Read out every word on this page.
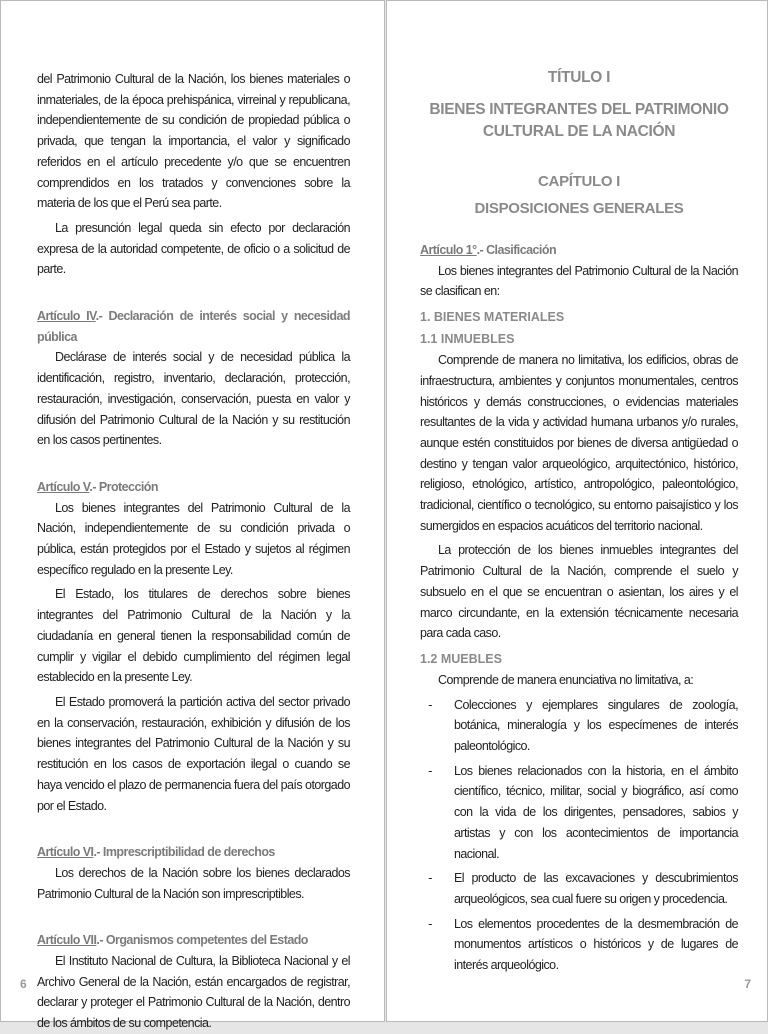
del Patrimonio Cultural de la Nación, los bienes materiales o inmateriales, de la época prehispánica, virreinal y republicana, independientemente de su condición de propiedad pública o privada, que tengan la importancia, el valor y significado referidos en el artículo precedente y/o que se encuentren comprendidos en los tratados y convenciones sobre la materia de los que el Perú sea parte.

La presunción legal queda sin efecto por declaración expresa de la autoridad competente, de oficio o a solicitud de parte.

Artículo IV.- Declaración de interés social y necesidad pública

Declárase de interés social y de necesidad pública la identificación, registro, inventario, declaración, protección, restauración, investigación, conservación, puesta en valor y difusión del Patrimonio Cultural de la Nación y su restitución en los casos pertinentes.

Artículo V.- Protección

Los bienes integrantes del Patrimonio Cultural de la Nación, independientemente de su condición privada o pública, están protegidos por el Estado y sujetos al régimen específico regulado en la presente Ley.

El Estado, los titulares de derechos sobre bienes integrantes del Patrimonio Cultural de la Nación y la ciudadanía en general tienen la responsabilidad común de cumplir y vigilar el debido cumplimiento del régimen legal establecido en la presente Ley.

El Estado promoverá la partición activa del sector privado en la conservación, restauración, exhibición y difusión de los bienes integrantes del Patrimonio Cultural de la Nación y su restitución en los casos de exportación ilegal o cuando se haya vencido el plazo de permanencia fuera del país otorgado por el Estado.

Artículo VI.- Imprescriptibilidad de derechos

Los derechos de la Nación sobre los bienes declarados Patrimonio Cultural de la Nación son imprescriptibles.

Artículo VII.- Organismos competentes del Estado

El Instituto Nacional de Cultura, la Biblioteca Nacional y el Archivo General de la Nación, están encargados de registrar, declarar y proteger el Patrimonio Cultural de la Nación, dentro de los ámbitos de su competencia.

6
TÍTULO I
BIENES INTEGRANTES DEL PATRIMONIO
CULTURAL DE LA NACIÓN
CAPÍTULO I
DISPOSICIONES GENERALES

Artículo 1°.- Clasificación

Los bienes integrantes del Patrimonio Cultural de la Nación se clasifican en:

1. BIENES MATERIALES
1.1 INMUEBLES

Comprende de manera no limitativa, los edificios, obras de infraestructura, ambientes y conjuntos monumentales, centros históricos y demás construcciones, o evidencias materiales resultantes de la vida y actividad humana urbanos y/o rurales, aunque estén constituidos por bienes de diversa antigüedad o destino y tengan valor arqueológico, arquitectónico, histórico, religioso, etnológico, artístico, antropológico, paleontológico, tradicional, científico o tecnológico, su entorno paisajístico y los sumergidos en espacios acuáticos del territorio nacional.

La protección de los bienes inmuebles integrantes del Patrimonio Cultural de la Nación, comprende el suelo y subsuelo en el que se encuentran o asientan, los aires y el marco circundante, en la extensión técnicamente necesaria para cada caso.

1.2 MUEBLES

Comprende de manera enunciativa no limitativa, a:

-	Colecciones y ejemplares singulares de zoología, botánica, mineralogía y los especímenes de interés paleontológico.
-	Los bienes relacionados con la historia, en el ámbito científico, técnico, militar, social y biográfico, así como con la vida de los dirigentes, pensadores, sabios y artistas y con los acontecimientos de importancia nacional.
-	El producto de las excavaciones y descubrimientos arqueológicos, sea cual fuere su origen y procedencia.
-	Los elementos procedentes de la desmembración de monumentos artísticos o históricos y de lugares de interés arqueológico.
7
